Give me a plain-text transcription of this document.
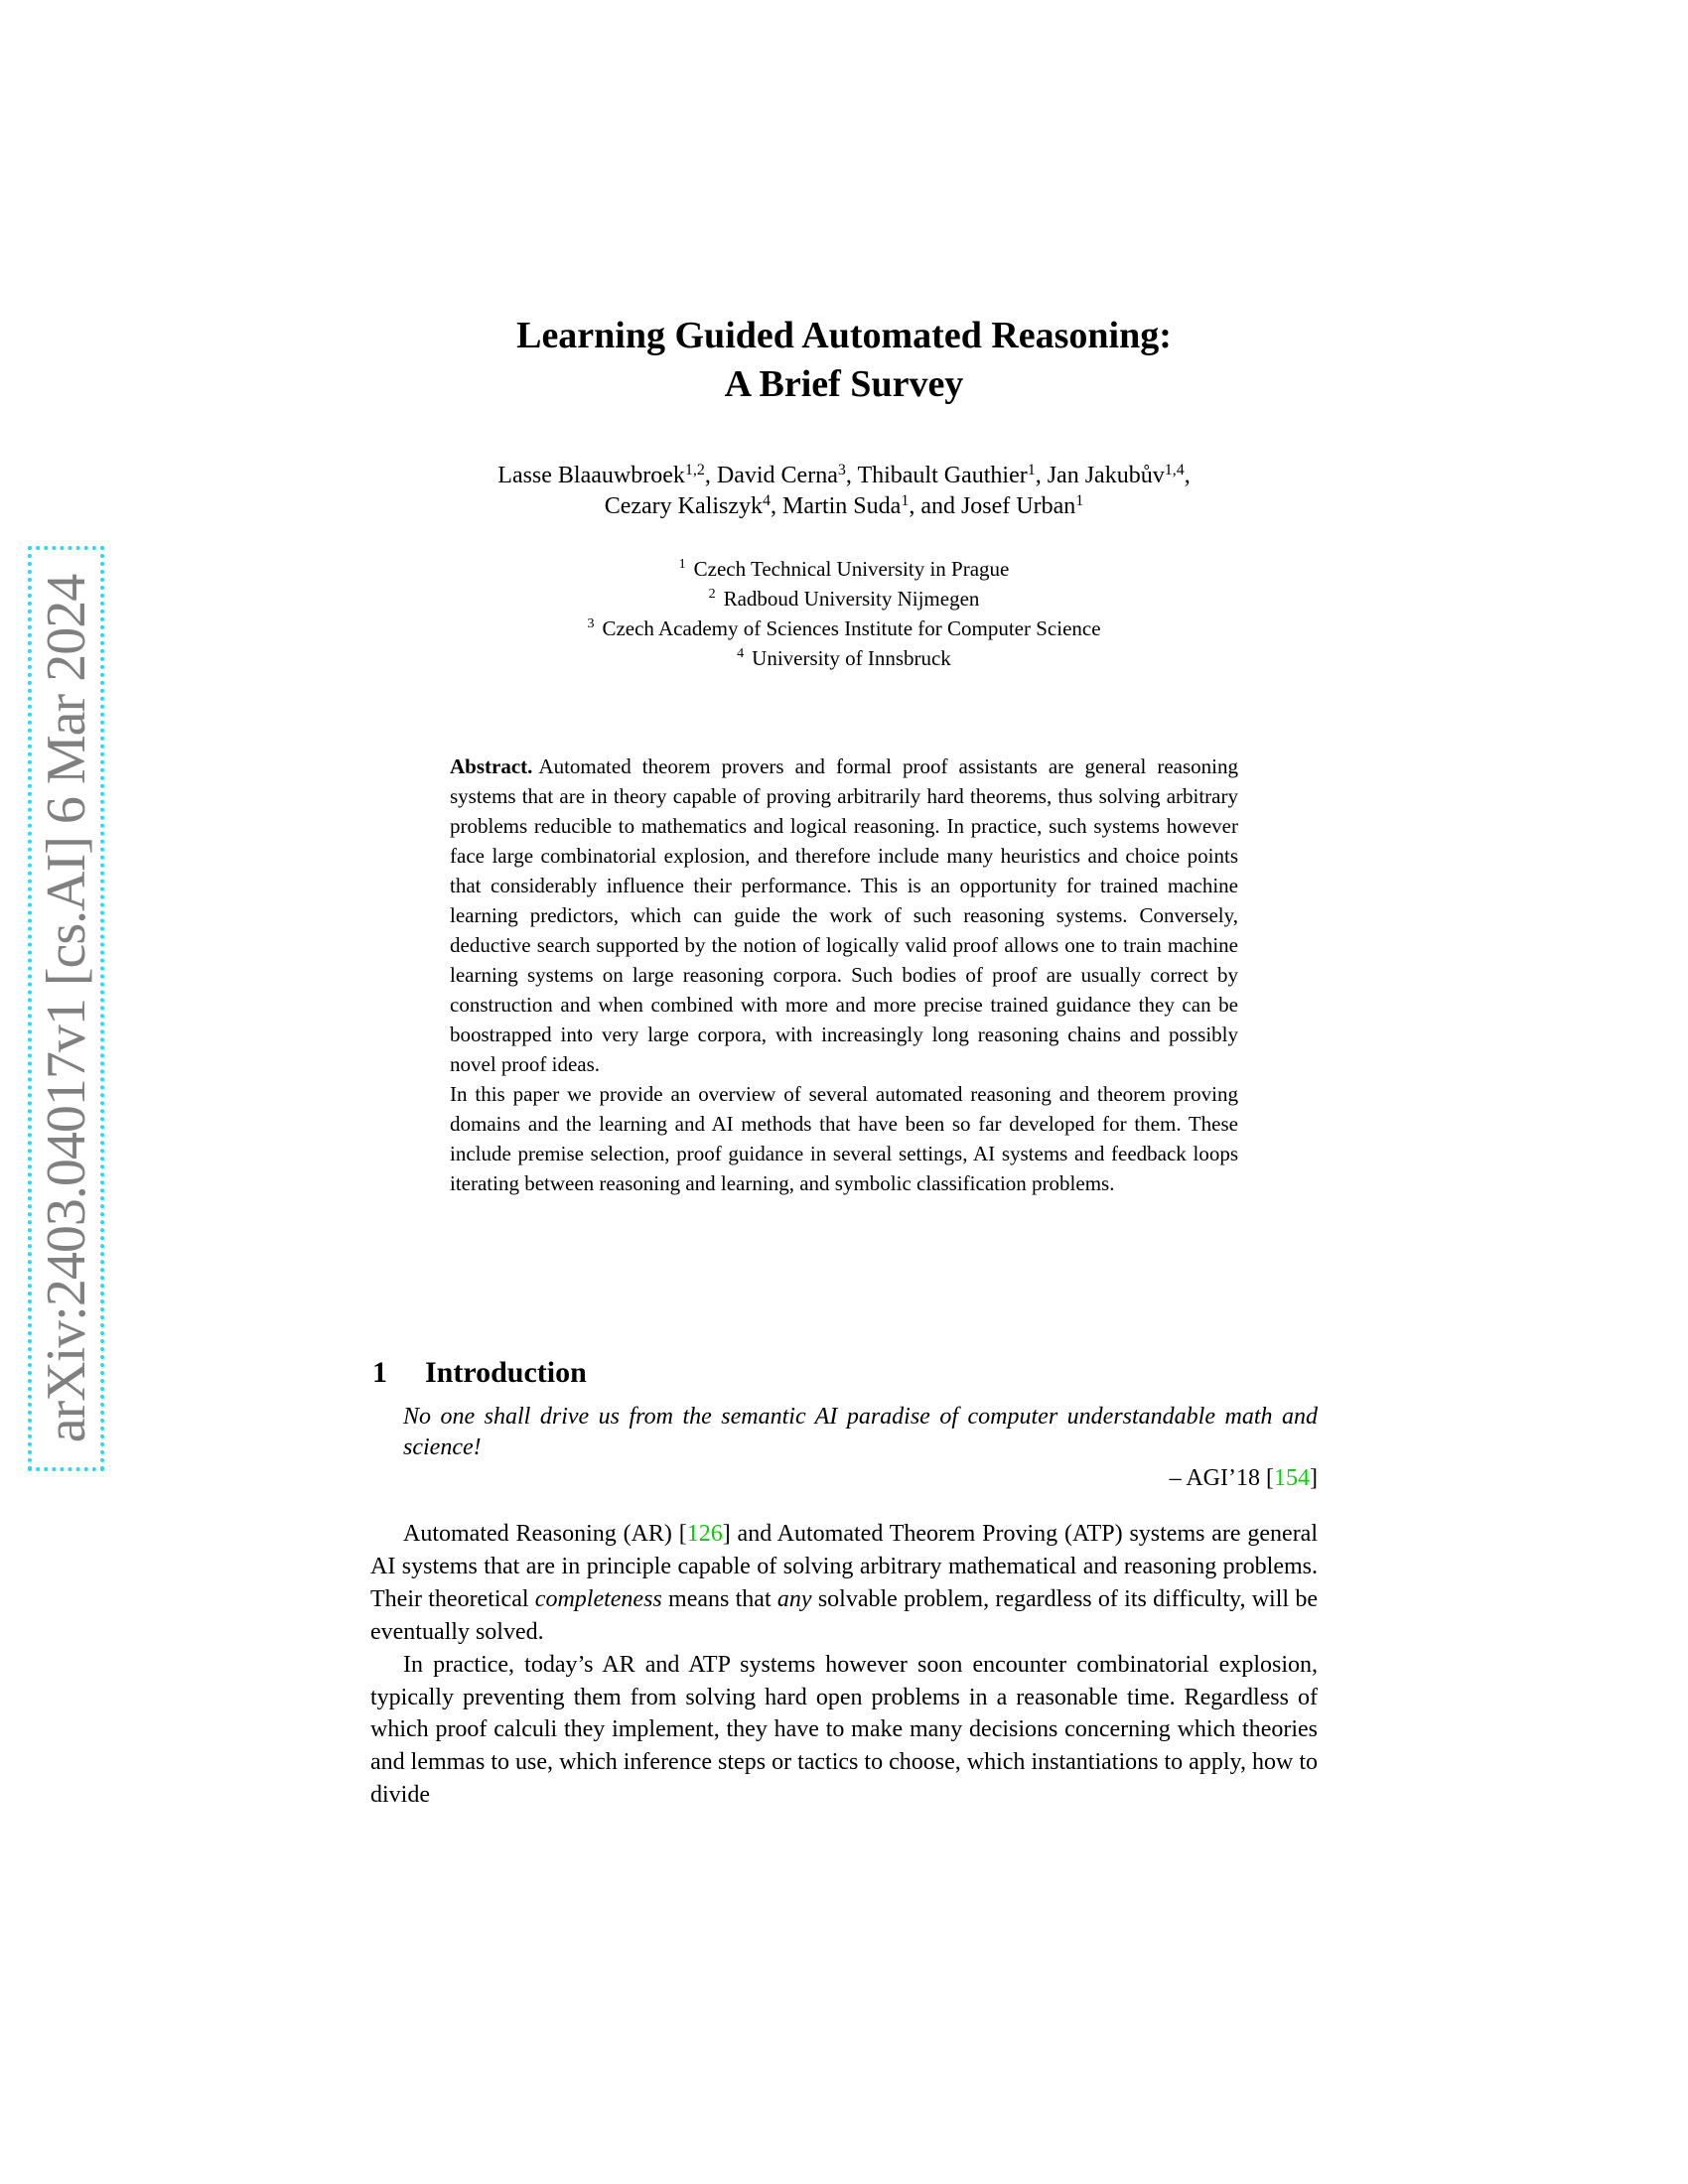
arXiv:2403.04017v1 [cs.AI] 6 Mar 2024
Learning Guided Automated Reasoning:
A Brief Survey
Lasse Blaauwbroek$^{1,2}$, David Cerna$^3$, Thibault Gauthier$^1$, Jan Jakubův$^{1,4}$,
Cezary Kaliszyk$^4$, Martin Suda$^1$, and Josef Urban$^1$
$^1$ Czech Technical University in Prague
$^2$ Radboud University Nijmegen
$^3$ Czech Academy of Sciences Institute for Computer Science
$^4$ University of Innsbruck

Abstract. Automated theorem provers and formal proof assistants are general reasoning systems that are in theory capable of proving arbitrarily hard theorems, thus solving arbitrary problems reducible to mathematics and logical reasoning. In practice, such systems however face large combinatorial explosion, and therefore include many heuristics and choice points that considerably influence their performance. This is an opportunity for trained machine learning predictors, which can guide the work of such reasoning systems. Conversely, deductive search supported by the notion of logically valid proof allows one to train machine learning systems on large reasoning corpora. Such bodies of proof are usually correct by construction and when combined with more and more precise trained guidance they can be boostrapped into very large corpora, with increasingly long reasoning chains and possibly novel proof ideas.

In this paper we provide an overview of several automated reasoning and theorem proving domains and the learning and AI methods that have been so far developed for them. These include premise selection, proof guidance in several settings, AI systems and feedback loops iterating between reasoning and learning, and symbolic classification problems.

1 Introduction
No one shall drive us from the semantic AI paradise of computer understandable math and science!
– AGI’18 [154]

Automated Reasoning (AR) [126] and Automated Theorem Proving (ATP) systems are general AI systems that are in principle capable of solving arbitrary mathematical and reasoning problems. Their theoretical completeness means that any solvable problem, regardless of its difficulty, will be eventually solved.

In practice, today’s AR and ATP systems however soon encounter combinatorial explosion, typically preventing them from solving hard open problems in a reasonable time. Regardless of which proof calculi they implement, they have to make many decisions concerning which theories and lemmas to use, which inference steps or tactics to choose, which instantiations to apply, how to divide
